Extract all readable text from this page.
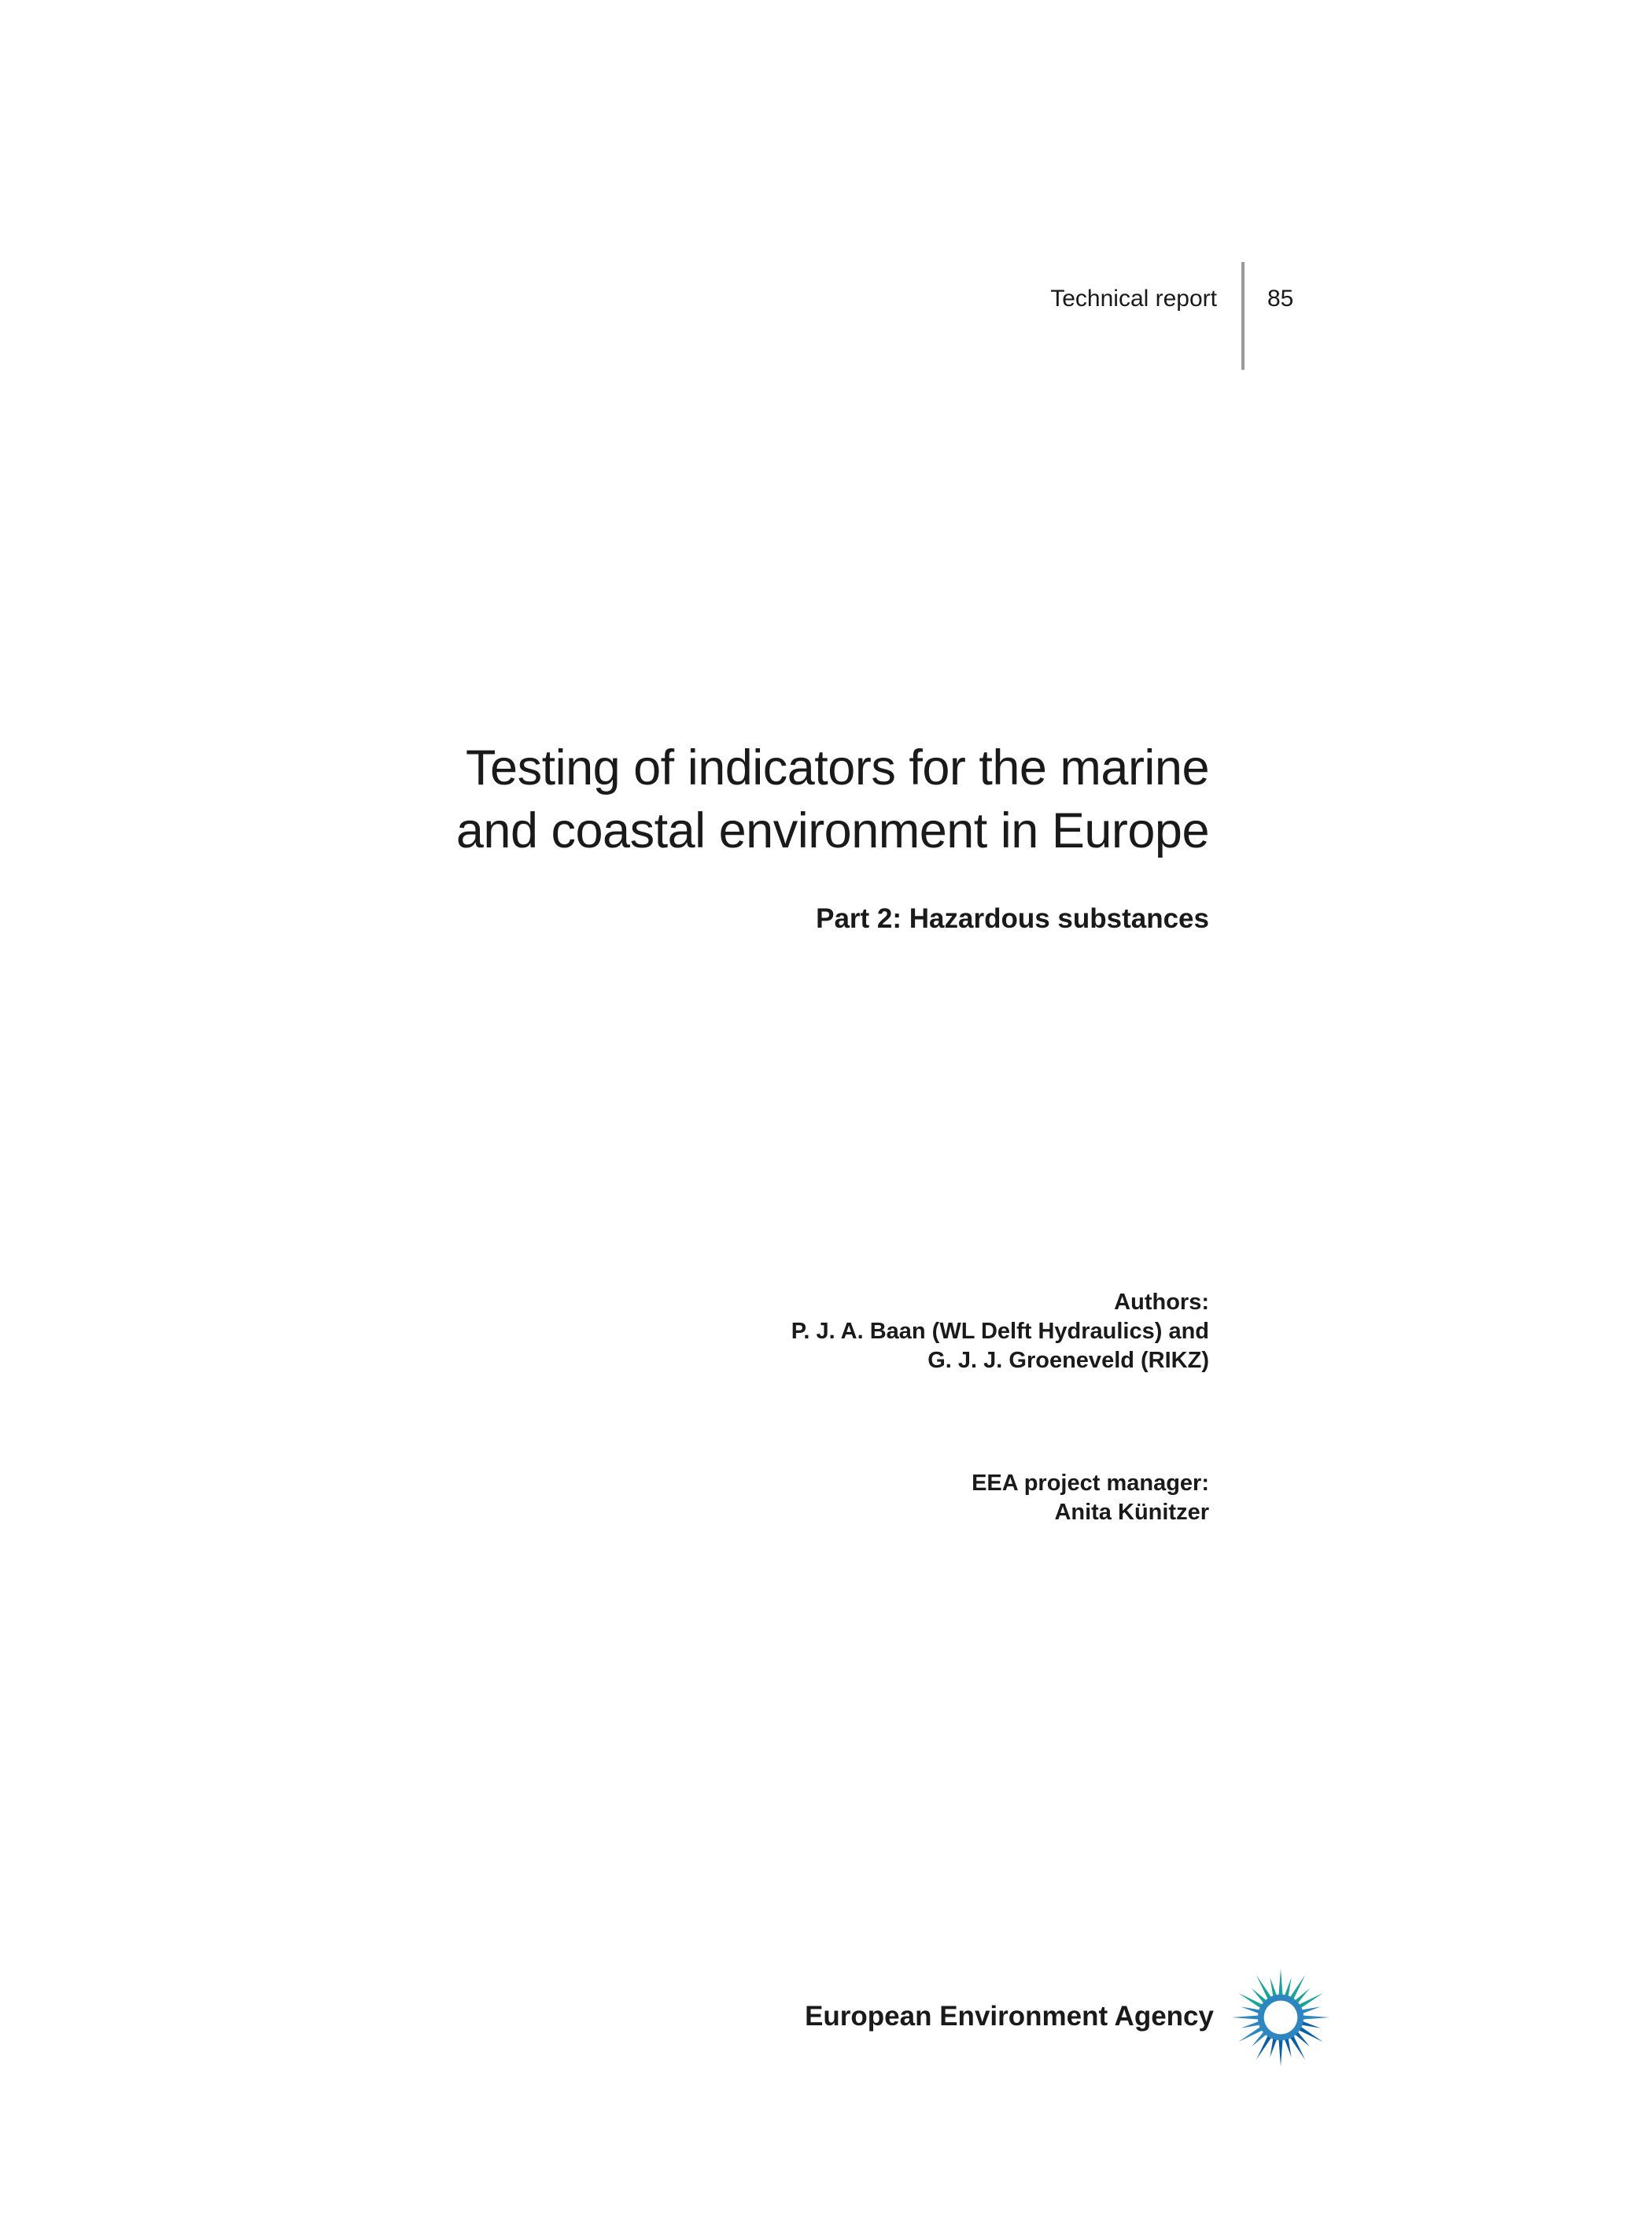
Technical report 85
Testing of indicators for the marine
and coastal environment in Europe
Part 2: Hazardous substances
Authors:
P. J. A. Baan (WL Delft Hydraulics) and
G. J. J. Groeneveld (RIKZ)
EEA project manager:
Anita Künitzer
European Environment Agency
